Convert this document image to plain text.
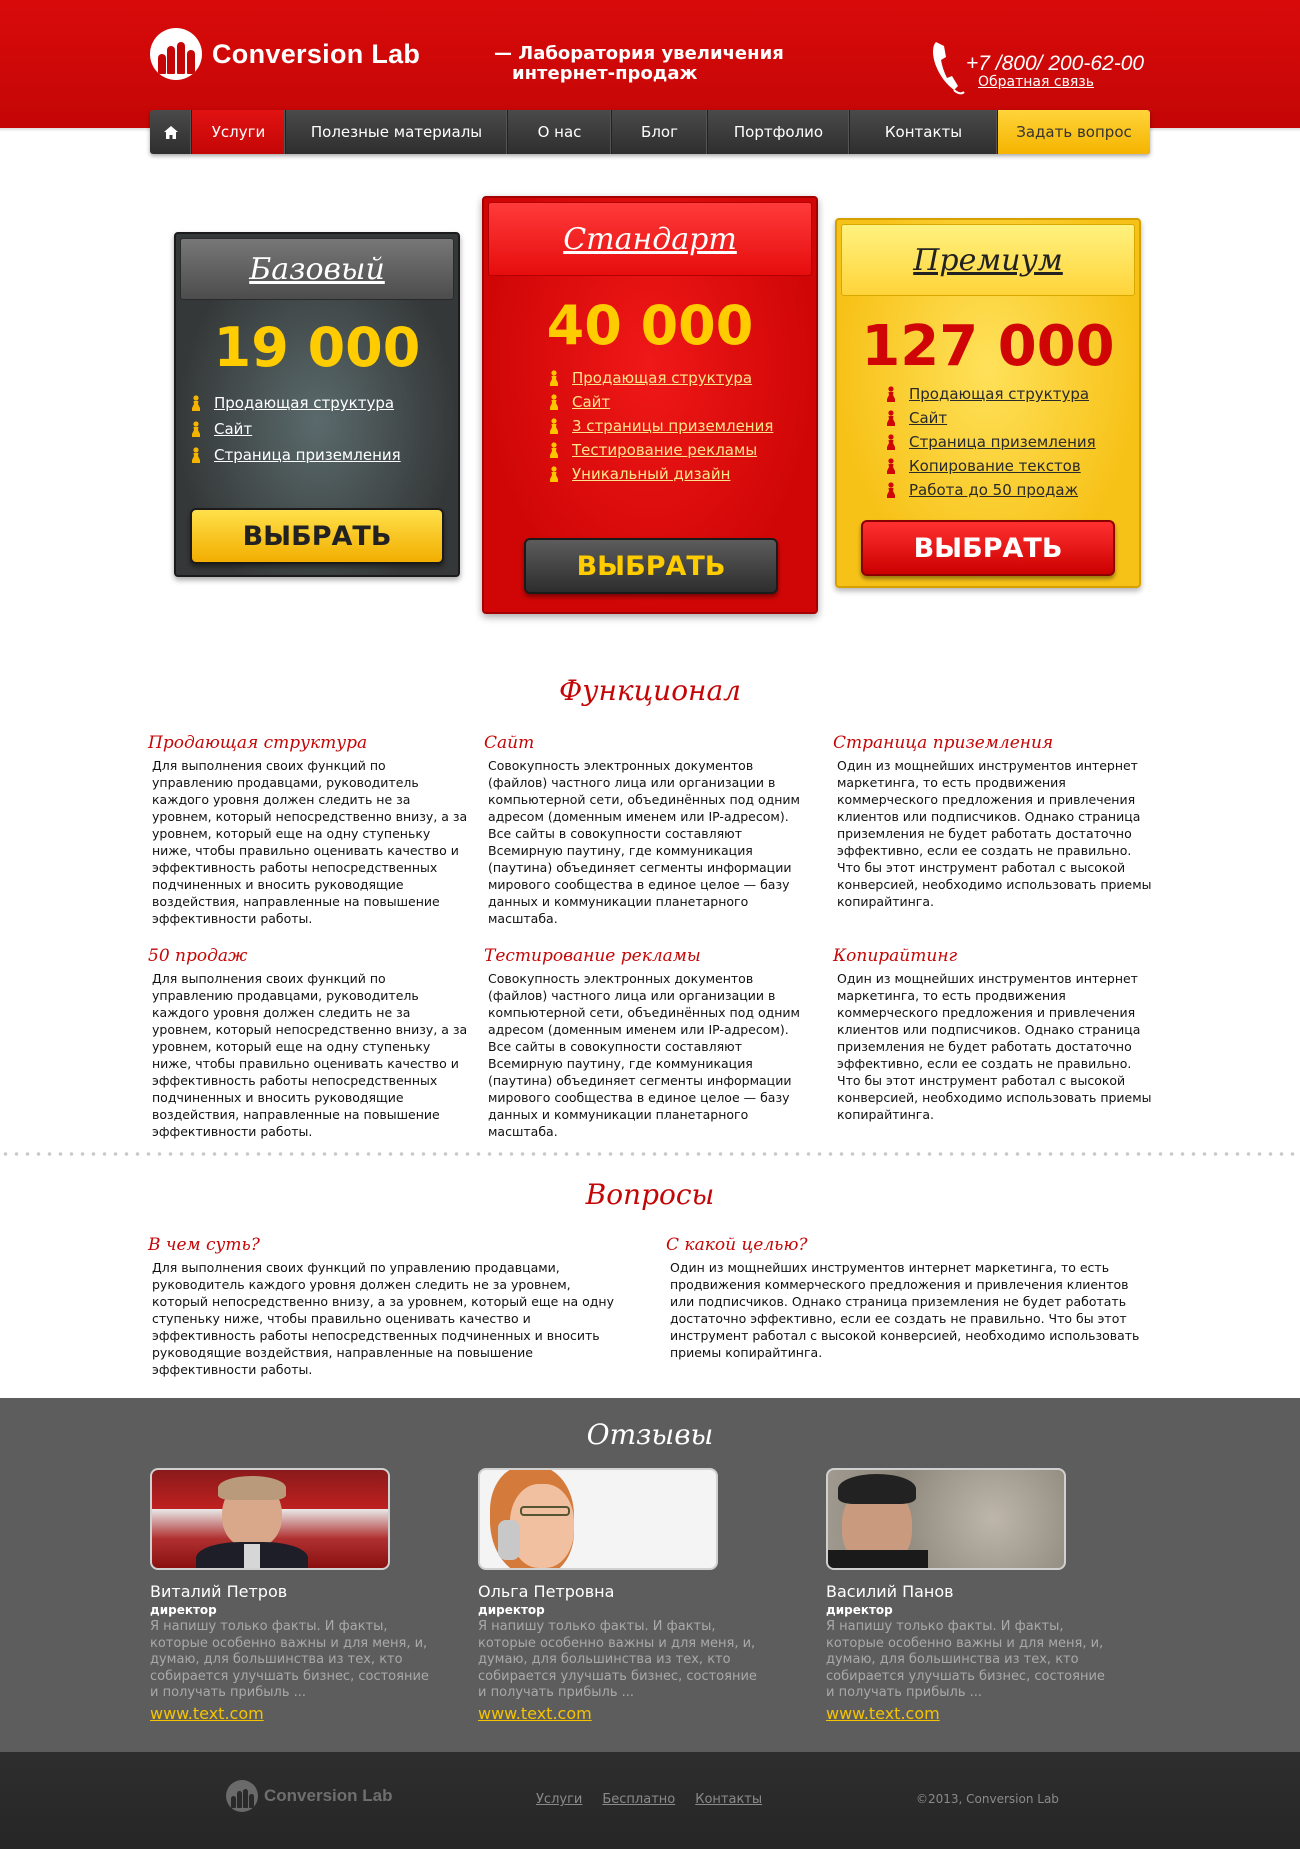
Conversion Lab	— Лаборатория увеличения
интернет-продаж	+7 /800/ 200-62-00
Обратная связь
Услуги	Полезные материалы	О нас	Блог	Портфолио	Контакты	Задать вопрос
Базовый
19 000
Продающая структура
Сайт
Страница приземления
ВЫБРАТЬ
Стандарт
40 000
Продающая структура
Сайт
3 страницы приземления
Тестирование рекламы
Уникальный дизайн
ВЫБРАТЬ
Премиум
127 000
Продающая структура
Сайт
Страница приземления
Копирование текстов
Работа до 50 продаж
ВЫБРАТЬ
Функционал
Продающая структура

Для выполнения своих функций по управлению продавцами, руководитель каждого уровня должен следить не за уровнем, который непосредственно внизу, а за уровнем, который еще на одну ступеньку ниже, чтобы правильно оценивать качество и эффективность работы непосредственных подчиненных и вносить руководящие воздействия, направленные на повышение эффективности работы.

Сайт

Совокупность электронных документов (файлов) частного лица или организации в компьютерной сети, объединённых под одним адресом (доменным именем или IP-адресом). Все сайты в совокупности составляют Всемирную паутину, где коммуникация (паутина) объединяет сегменты информации мирового сообщества в единое целое — базу данных и коммуникации планетарного масштаба.

Страница приземления

Один из мощнейших инструментов интернет маркетинга, то есть продвижения коммерческого предложения и привлечения клиентов или подписчиков. Однако страница приземления не будет работать достаточно эффективно, если ее создать не правильно. Что бы этот инструмент работал с высокой конверсией, необходимо использовать приемы копирайтинга.

50 продаж

Для выполнения своих функций по управлению продавцами, руководитель каждого уровня должен следить не за уровнем, который непосредственно внизу, а за уровнем, который еще на одну ступеньку ниже, чтобы правильно оценивать качество и эффективность работы непосредственных подчиненных и вносить руководящие воздействия, направленные на повышение эффективности работы.

Тестирование рекламы

Совокупность электронных документов (файлов) частного лица или организации в компьютерной сети, объединённых под одним адресом (доменным именем или IP-адресом). Все сайты в совокупности составляют Всемирную паутину, где коммуникация (паутина) объединяет сегменты информации мирового сообщества в единое целое — базу данных и коммуникации планетарного масштаба.

Копирайтинг

Один из мощнейших инструментов интернет маркетинга, то есть продвижения коммерческого предложения и привлечения клиентов или подписчиков. Однако страница приземления не будет работать достаточно эффективно, если ее создать не правильно. Что бы этот инструмент работал с высокой конверсией, необходимо использовать приемы копирайтинга.

Вопросы
В чем суть?

Для выполнения своих функций по управлению продавцами, руководитель каждого уровня должен следить не за уровнем, который непосредственно внизу, а за уровнем, который еще на одну ступеньку ниже, чтобы правильно оценивать качество и эффективность работы непосредственных подчиненных и вносить руководящие воздействия, направленные на повышение эффективности работы.

С какой целью?

Один из мощнейших инструментов интернет маркетинга, то есть продвижения коммерческого предложения и привлечения клиентов или подписчиков. Однако страница приземления не будет работать достаточно эффективно, если ее создать не правильно. Что бы этот инструмент работал с высокой конверсией, необходимо использовать приемы копирайтинга.

Отзывы
Виталий Петров
директор
Я напишу только факты. И факты, которые особенно важны и для меня, и, думаю, для большинства из тех, кто собирается улучшать бизнес, состояние и получать прибыль ...
www.text.com
Ольга Петровна
директор
Я напишу только факты. И факты, которые особенно важны и для меня, и, думаю, для большинства из тех, кто собирается улучшать бизнес, состояние и получать прибыль ...
www.text.com
Василий Панов
директор
Я напишу только факты. И факты, которые особенно важны и для меня, и, думаю, для большинства из тех, кто собирается улучшать бизнес, состояние и получать прибыль ...
www.text.com
Conversion Lab	Услуги Бесплатно Контакты	©2013, Conversion Lab
